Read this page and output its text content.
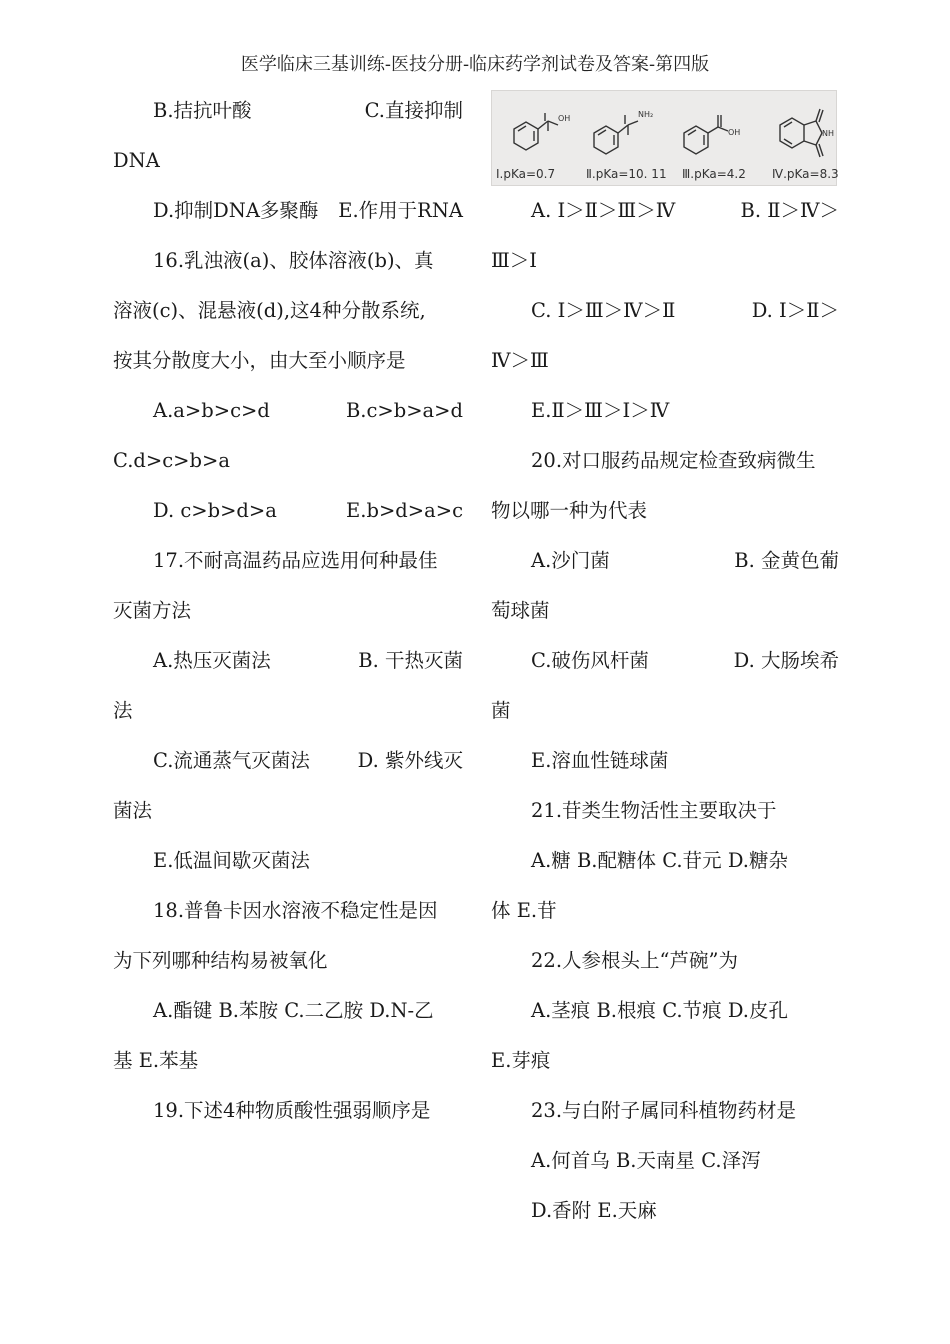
医学临床三基训练-医技分册-临床药学剂试卷及答案-第四版
B.拮抗叶酸	C.直接抑制
DNA
D.抑制DNA多聚酶 E.作用于RNA
16.乳浊液(a)、胶体溶液(b)、真
溶液(c)、混悬液(d),这4种分散系统,
按其分散度大小，由大至小顺序是
A.a>b>c>d	B.c>b>a>d
C.d>c>b>a
D. c>b>d>a	E.b>d>a>c
17.不耐高温药品应选用何种最佳
灭菌方法
A.热压灭菌法	B. 干热灭菌
法
C.流通蒸气灭菌法 D. 紫外线灭
菌法
E.低温间歇灭菌法
18.普鲁卡因水溶液不稳定性是因
为下列哪种结构易被氧化
A.酯键 B.苯胺 C.二乙胺 D.N-乙
基 E.苯基
19.下述4种物质酸性强弱顺序是
OH	NH₂
OH	NH
Ⅰ.pKa=0.7	Ⅱ.pKa=10. 11 Ⅲ.pKa=4.2 Ⅳ.pKa=8.3
A. Ⅰ＞Ⅱ＞Ⅲ＞Ⅳ	B. Ⅱ＞Ⅳ＞
Ⅲ＞Ⅰ
C. Ⅰ＞Ⅲ＞Ⅳ＞Ⅱ	D. Ⅰ＞Ⅱ＞
Ⅳ＞Ⅲ
E.Ⅱ＞Ⅲ＞Ⅰ＞Ⅳ
20.对口服药品规定检查致病微生
物以哪一种为代表
A.沙门菌	B. 金黄色葡
萄球菌
C.破伤风杆菌	D. 大肠埃希
菌
E.溶血性链球菌
21.苷类生物活性主要取决于
A.糖 B.配糖体 C.苷元 D.糖杂
体 E.苷
22.人参根头上“芦碗”为
A.茎痕 B.根痕 C.节痕 D.皮孔
E.芽痕
23.与白附子属同科植物药材是
A.何首乌 B.天南星 C.泽泻
D.香附 E.天麻
